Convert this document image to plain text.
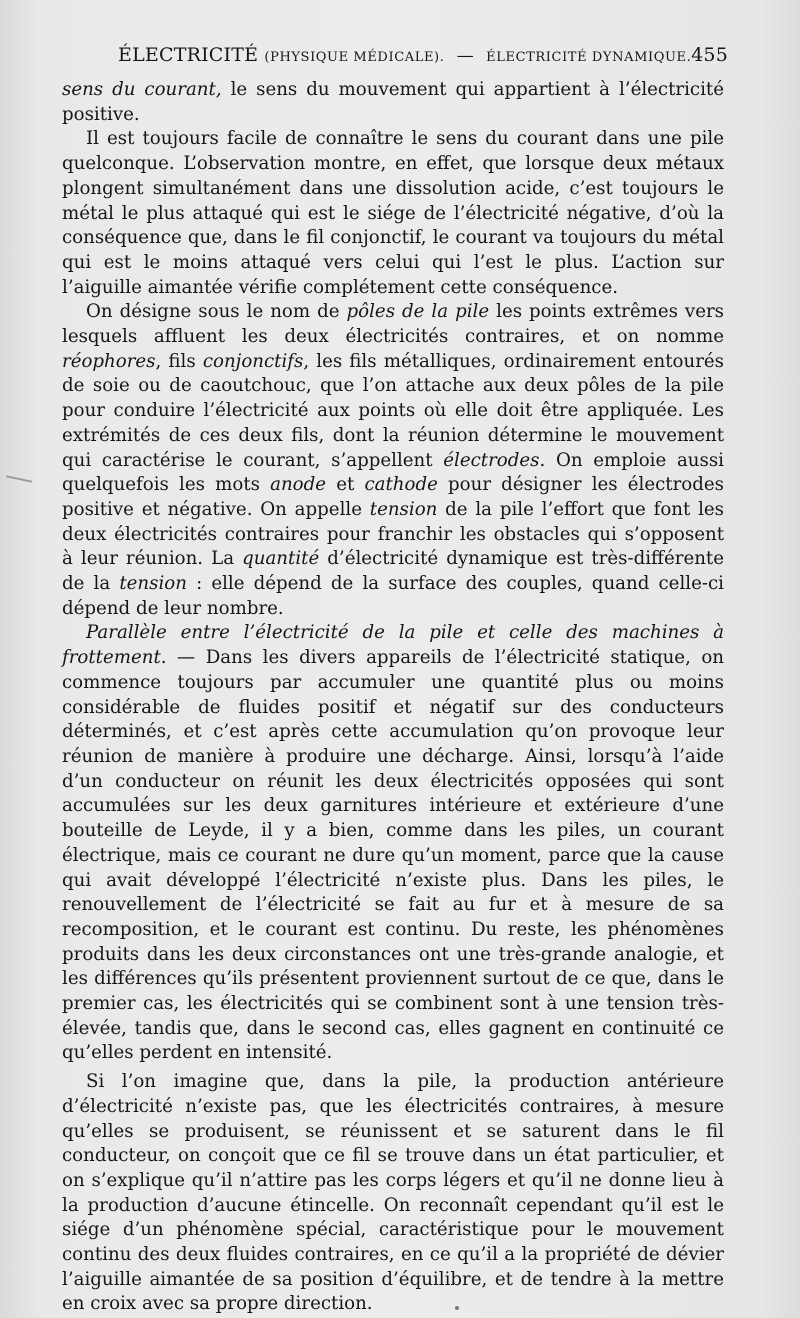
ÉLECTRICITÉ (PHYSIQUE MÉDICALE). — ÉLECTRICITÉ DYNAMIQUE. 455

sens du courant, le sens du mouvement qui appartient à l’électricité positive.

Il est toujours facile de connaître le sens du courant dans une pile quelconque. L’observation montre, en effet, que lorsque deux métaux plongent simultanément dans une dissolution acide, c’est toujours le métal le plus attaqué qui est le siége de l’électricité négative, d’où la conséquence que, dans le fil conjonctif, le courant va toujours du métal qui est le moins attaqué vers celui qui l’est le plus. L’action sur l’aiguille aimantée vérifie complétement cette conséquence.

On désigne sous le nom de pôles de la pile les points extrêmes vers lesquels affluent les deux électricités contraires, et on nomme réophores, fils conjonctifs, les fils métalliques, ordinairement entourés de soie ou de caoutchouc, que l’on attache aux deux pôles de la pile pour conduire l’électricité aux points où elle doit être appliquée. Les extrémités de ces deux fils, dont la réunion détermine le mouvement qui caractérise le courant, s’appellent électrodes. On emploie aussi quelquefois les mots anode et cathode pour désigner les électrodes positive et négative. On appelle tension de la pile l’effort que font les deux électricités contraires pour franchir les obstacles qui s’opposent à leur réunion. La quantité d’électricité dynamique est très-différente de la tension : elle dépend de la surface des couples, quand celle-ci dépend de leur nombre.

Parallèle entre l’électricité de la pile et celle des machines à frottement. — Dans les divers appareils de l’électricité statique, on commence toujours par accumuler une quantité plus ou moins considérable de fluides positif et négatif sur des conducteurs déterminés, et c’est après cette accumulation qu’on provoque leur réunion de manière à produire une décharge. Ainsi, lorsqu’à l’aide d’un conducteur on réunit les deux électricités opposées qui sont accumulées sur les deux garnitures intérieure et extérieure d’une bouteille de Leyde, il y a bien, comme dans les piles, un courant électrique, mais ce courant ne dure qu’un moment, parce que la cause qui avait développé l’électricité n’existe plus. Dans les piles, le renouvellement de l’électricité se fait au fur et à mesure de sa recomposition, et le courant est continu. Du reste, les phénomènes produits dans les deux circonstances ont une très-grande analogie, et les différences qu’ils présentent proviennent surtout de ce que, dans le premier cas, les électricités qui se combinent sont à une tension très-élevée, tandis que, dans le second cas, elles gagnent en continuité ce qu’elles perdent en intensité.

Si l’on imagine que, dans la pile, la production antérieure d’électricité n’existe pas, que les électricités contraires, à mesure qu’elles se produisent, se réunissent et se saturent dans le fil conducteur, on conçoit que ce fil se trouve dans un état particulier, et on s’explique qu’il n’attire pas les corps légers et qu’il ne donne lieu à la production d’aucune étincelle. On reconnaît cependant qu’il est le siége d’un phénomène spécial, caractéristique pour le mouvement continu des deux fluides contraires, en ce qu’il a la propriété de dévier l’aiguille aimantée de sa position d’équilibre, et de tendre à la mettre en croix avec sa propre direction.
